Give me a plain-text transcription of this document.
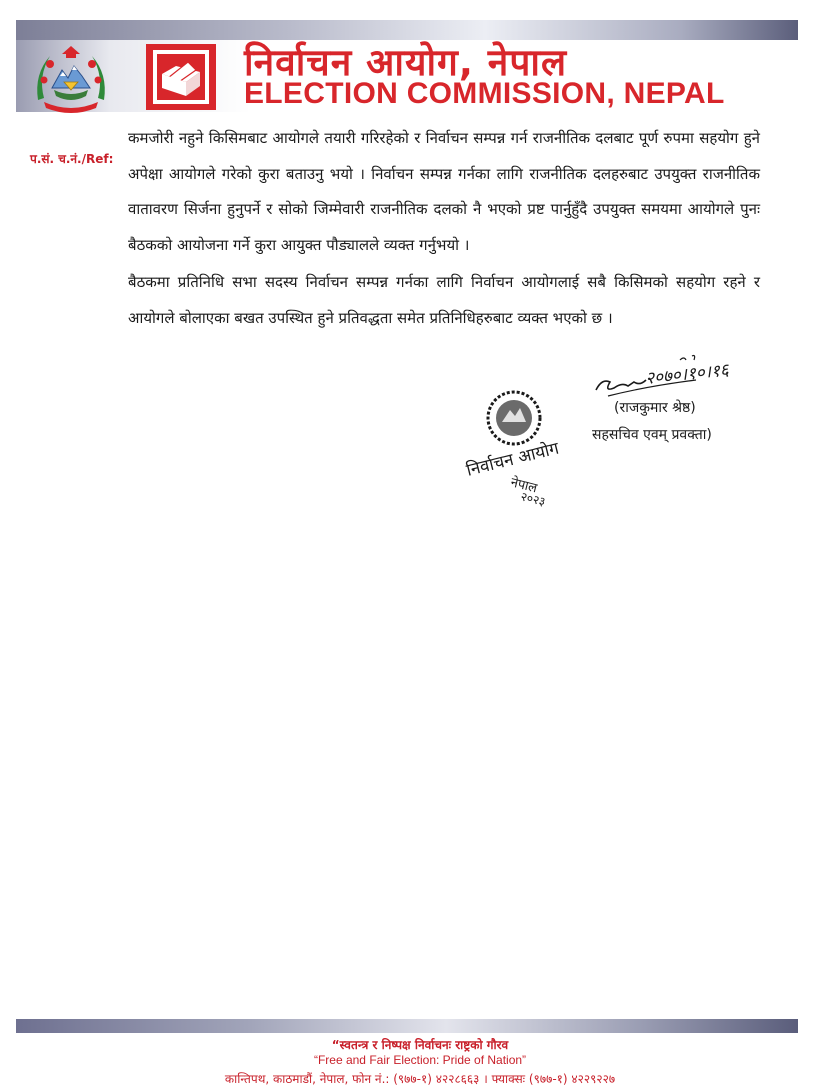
निर्वाचन आयोग, नेपाल
ELECTION COMMISSION, NEPAL
प.सं. च.नं./Ref:

कमजोरी नहुने किसिमबाट आयोगले तयारी गरिरहेको र निर्वाचन सम्पन्न गर्न राजनीतिक दलबाट पूर्ण रुपमा सहयोग हुने अपेक्षा आयोगले गरेको कुरा बताउनु भयो । निर्वाचन सम्पन्न गर्नका लागि राजनीतिक दलहरुबाट उपयुक्त राजनीतिक वातावरण सिर्जना हुनुपर्ने र सोको जिम्मेवारी राजनीतिक दलको नै भएको प्रष्ट पार्नुहुँदै उपयुक्त समयमा आयोगले पुनः बैठकको आयोजना गर्ने कुरा आयुक्त पौड्यालले व्यक्त गर्नुभयो ।

बैठकमा प्रतिनिधि सभा सदस्य निर्वाचन सम्पन्न गर्नका लागि निर्वाचन आयोगलाई सबै किसिमको सहयोग रहने र आयोगले बोलाएका बखत उपस्थित हुने प्रतिवद्धता समेत प्रतिनिधिहरुबाट व्यक्त भएको छ ।

निर्वाचन आयोग
नेपाल
२०२३
२०७०।१०।१६
(राजकुमार श्रेष्ठ)
सहसचिव एवम् प्रवक्ता)
“स्वतन्त्र र निष्पक्ष निर्वाचनः राष्ट्रको गौरव
“Free and Fair Election: Pride of Nation”
कान्तिपथ, काठमाडौं, नेपाल, फोन नं.: (९७७-१) ४२२८६६३ । फ्याक्सः (९७७-१) ४२२९२२७
